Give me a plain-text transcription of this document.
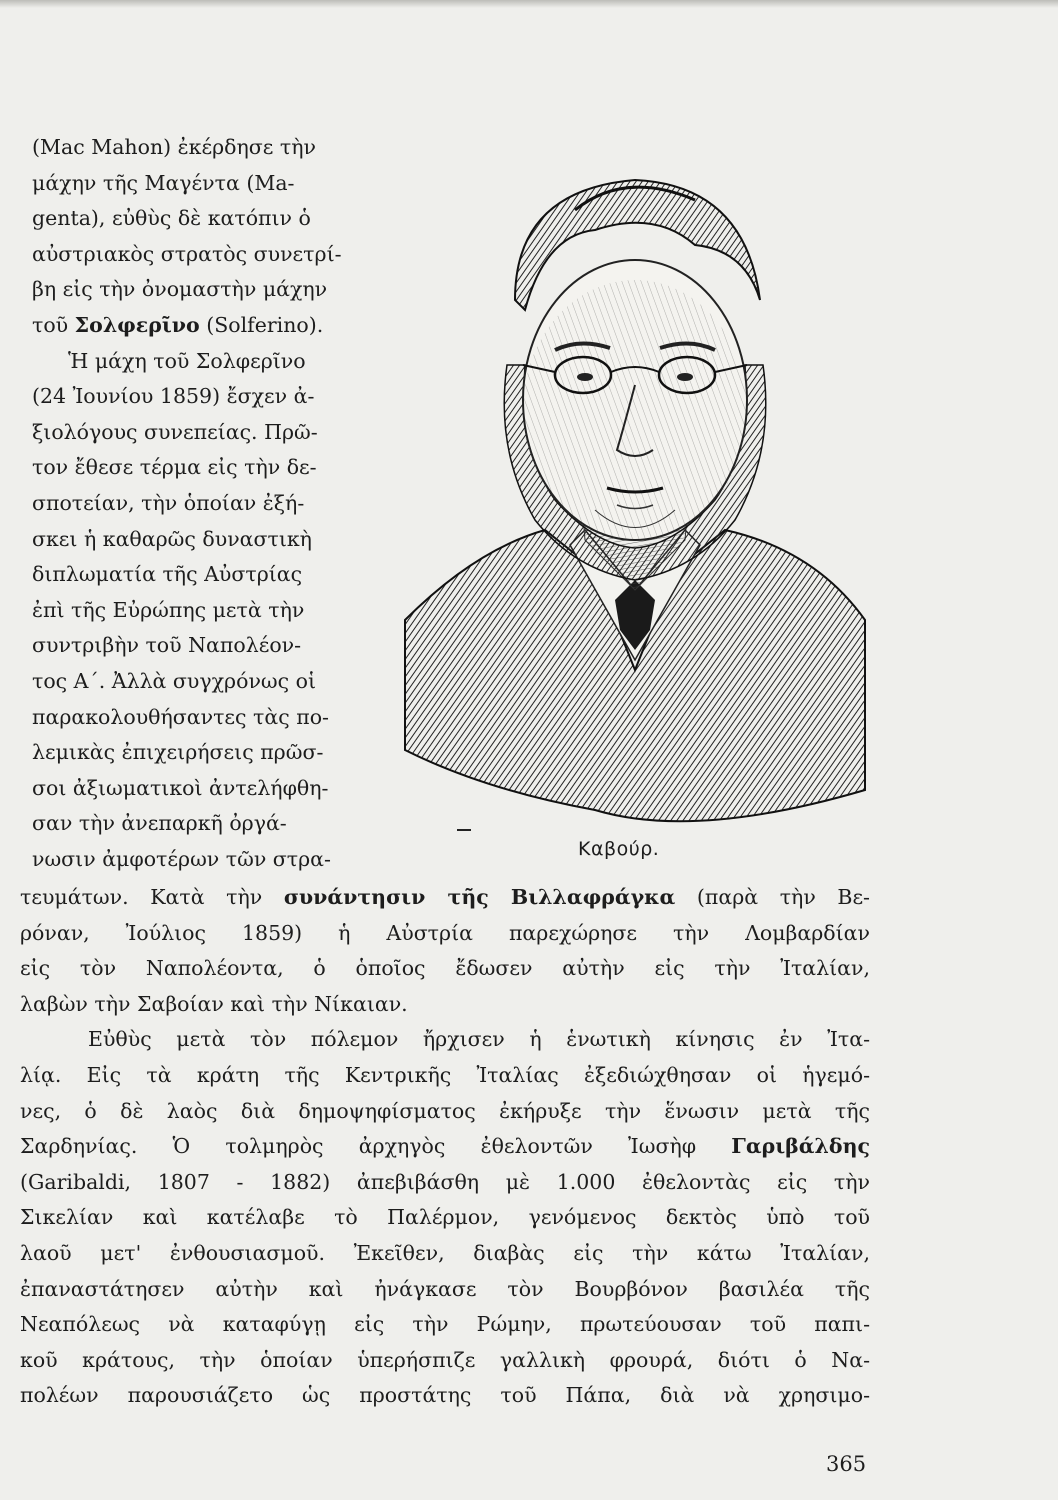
(Mac Mahon) ἐκέρδησε τὴν
μάχην τῆς Μαγέντα (Ma-
genta), εὐθὺς δὲ κατόπιν ὁ
αὐστριακὸς στρατὸς συνετρί-
βη εἰς τὴν ὀνομαστὴν μάχην
τοῦ Σολφερῖνο (Solferino).
Ἡ μάχη τοῦ Σολφερῖνο
(24 Ἰουνίου 1859) ἔσχεν ἀ-
ξιολόγους συνεπείας. Πρῶ-
τον ἔθεσε τέρμα εἰς τὴν δε-
σποτείαν, τὴν ὁποίαν ἐξή-
σκει ἡ καθαρῶς δυναστικὴ
διπλωματία τῆς Αὐστρίας
ἐπὶ τῆς Εὐρώπης μετὰ τὴν
συντριβὴν τοῦ Ναπολέον-
τος Α΄. Ἀλλὰ συγχρόνως οἱ
παρακολουθήσαντες τὰς πο-
λεμικὰς ἐπιχειρήσεις πρῶσ-
σοι ἀξιωματικοὶ ἀντελήφθη-
σαν τὴν ἀνεπαρκῆ ὀργά-
νωσιν ἀμφοτέρων τῶν στρα-	Καβούρ.
τευμάτων. Κατὰ τὴν συνάντησιν τῆς Βιλλαφράγκα (παρὰ τὴν Βε-
ρόναν, Ἰούλιος 1859) ἡ Αὐστρία παρεχώρησε τὴν Λομβαρδίαν
εἰς τὸν Ναπολέοντα, ὁ ὁποῖος ἔδωσεν αὐτὴν εἰς τὴν Ἰταλίαν,
λαβὼν τὴν Σαβοίαν καὶ τὴν Νίκαιαν.
Εὐθὺς μετὰ τὸν πόλεμον ἤρχισεν ἡ ἑνωτικὴ κίνησις ἐν Ἰτα-
λίᾳ. Εἰς τὰ κράτη τῆς Κεντρικῆς Ἰταλίας ἐξεδιώχθησαν οἱ ἡγεμό-
νες, ὁ δὲ λαὸς διὰ δημοψηφίσματος ἐκήρυξε τὴν ἕνωσιν μετὰ τῆς
Σαρδηνίας. Ὁ τολμηρὸς ἀρχηγὸς ἐθελοντῶν Ἰωσὴφ Γαριβάλδης
(Garibaldi, 1807 - 1882) ἀπεβιβάσθη μὲ 1.000 ἐθελοντὰς εἰς τὴν
Σικελίαν καὶ κατέλαβε τὸ Παλέρμον, γενόμενος δεκτὸς ὑπὸ τοῦ
λαοῦ μετ' ἐνθουσιασμοῦ. Ἐκεῖθεν, διαβὰς εἰς τὴν κάτω Ἰταλίαν,
ἐπαναστάτησεν αὐτὴν καὶ ἠνάγκασε τὸν Βουρβόνον βασιλέα τῆς
Νεαπόλεως νὰ καταφύγῃ εἰς τὴν Ρώμην, πρωτεύουσαν τοῦ παπι-
κοῦ κράτους, τὴν ὁποίαν ὑπερήσπιζε γαλλικὴ φρουρά, διότι ὁ Να-
πολέων παρουσιάζετο ὡς προστάτης τοῦ Πάπα, διὰ νὰ χρησιμο-
365
